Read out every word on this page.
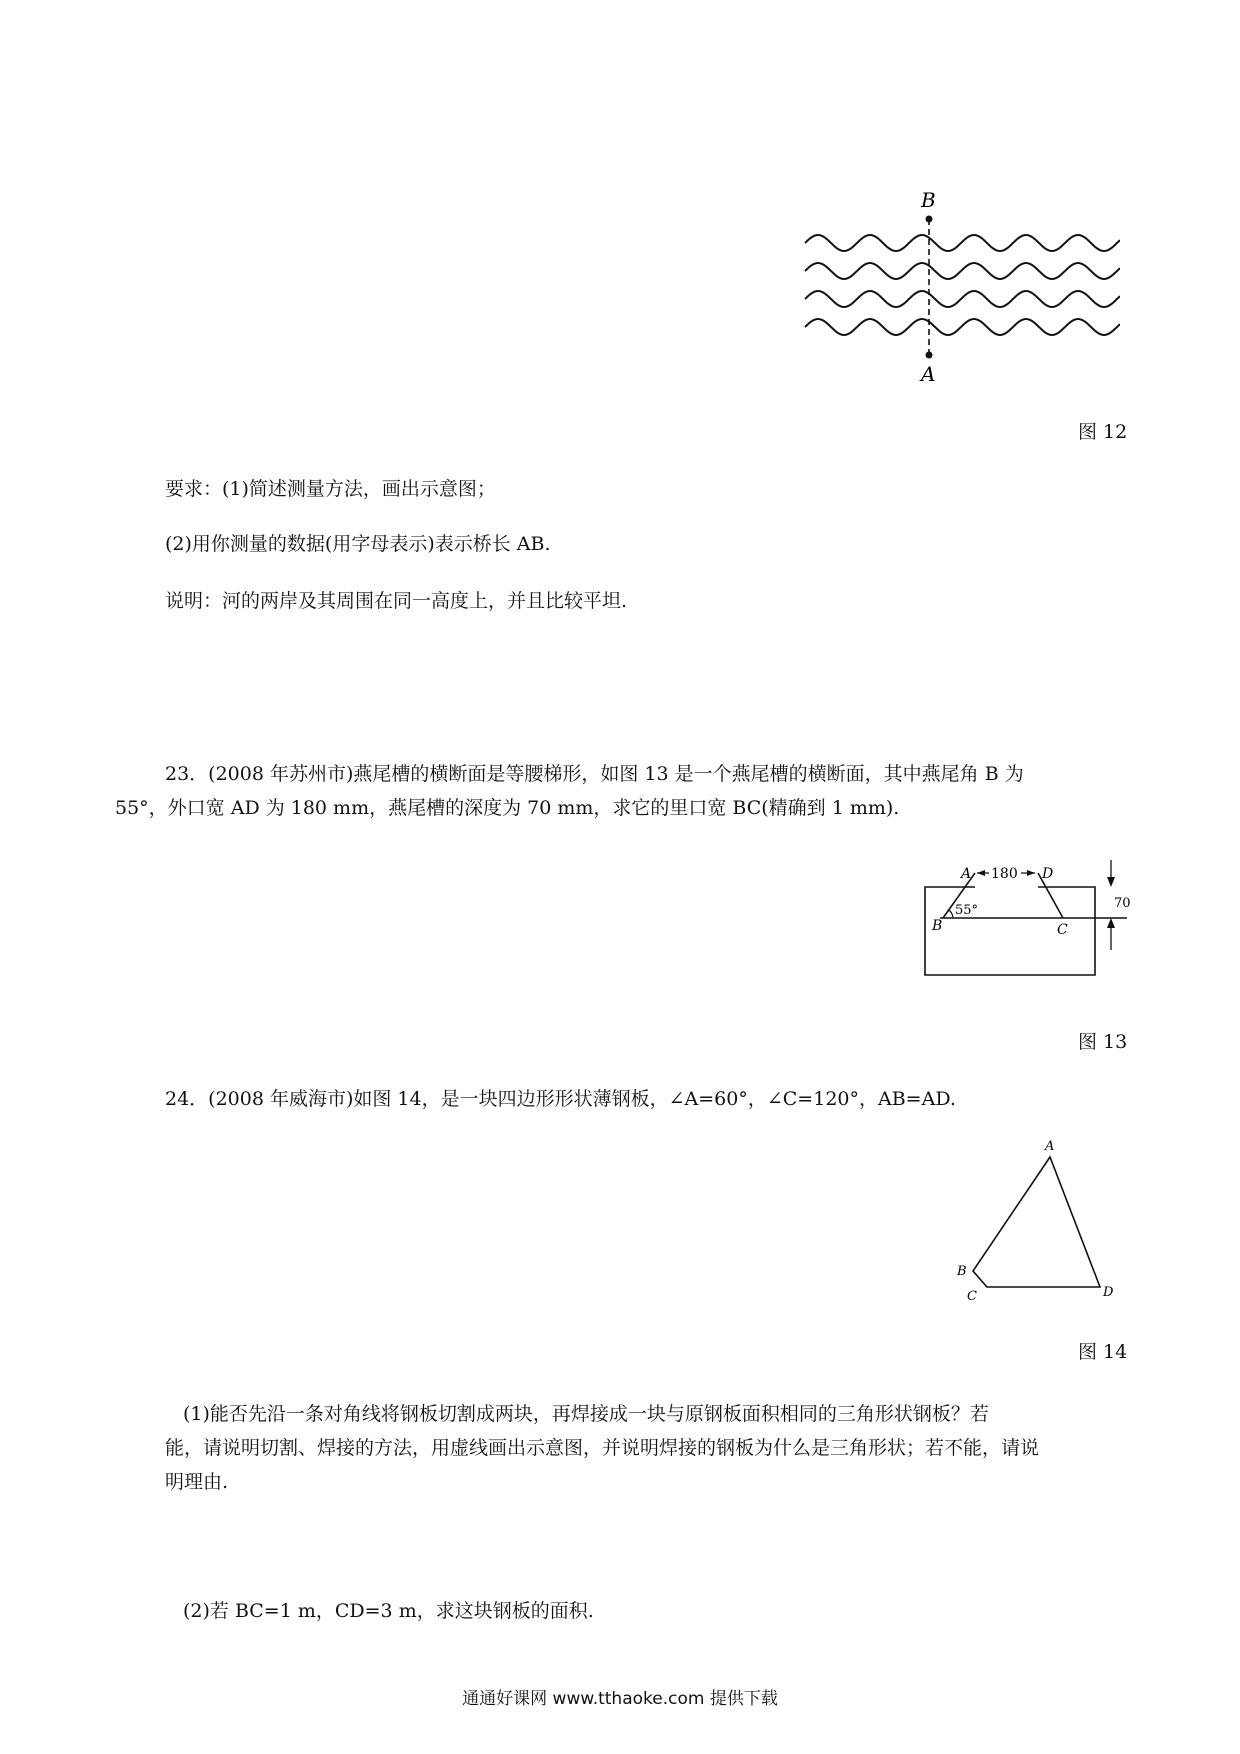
B
A
图 12
要求：(1)简述测量方法，画出示意图；
(2)用你测量的数据(用字母表示)表示桥长 AB.
说明：河的两岸及其周围在同一高度上，并且比较平坦.
23．(2008 年苏州市)燕尾槽的横断面是等腰梯形，如图 13 是一个燕尾槽的横断面，其中燕尾角 B 为
55°，外口宽 AD 为 180 mm，燕尾槽的深度为 70 mm，求它的里口宽 BC(精确到 1 mm).
180
55°	70
A	D
B	C
图 13
24．(2008 年威海市)如图 14，是一块四边形形状薄钢板，∠A=60°，∠C=120°，AB=AD.
A
B
C	D
图 14
(1)能否先沿一条对角线将钢板切割成两块，再焊接成一块与原钢板面积相同的三角形状钢板？若
能，请说明切割、焊接的方法，用虚线画出示意图，并说明焊接的钢板为什么是三角形状；若不能，请说
明理由.
(2)若 BC=1 m，CD=3 m，求这块钢板的面积.
通通好课网 www.tthaoke.com 提供下载
